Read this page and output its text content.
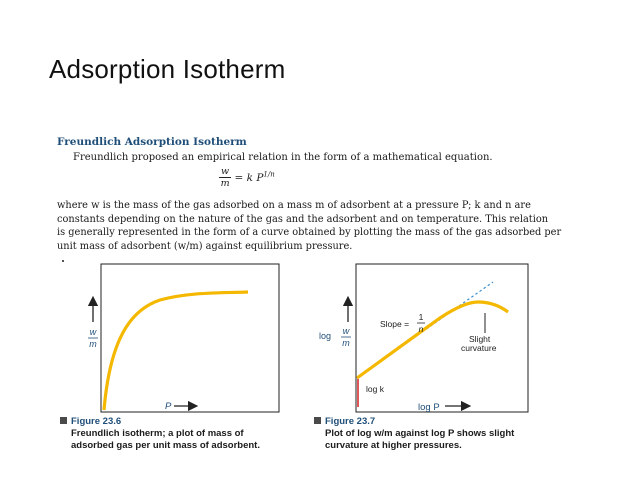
Adsorption Isotherm
Freundlich Adsorption Isotherm
Freundlich proposed an empirical relation in the form of a mathematical equation.
$\frac{w}{m} = k$ $P^{1/n}$
where w is the mass of the gas adsorbed on a mass m of adsorbent at a pressure P; k and n are
constants depending on the nature of the gas and the adsorbent and on temperature. This relation
is generally represented in the form of a curve obtained by plotting the mass of the gas adsorbed per
unit mass of adsorbent (w/m) against equilibrium pressure.
w
m
P
log k
log w
m
Slope =
1
n
Slight
curvature
log P
Figure 23.6
Freundlich isotherm; a plot of mass of
adsorbed gas per unit mass of adsorbent.
Figure 23.7
Plot of log w/m against log P shows slight
curvature at higher pressures.
